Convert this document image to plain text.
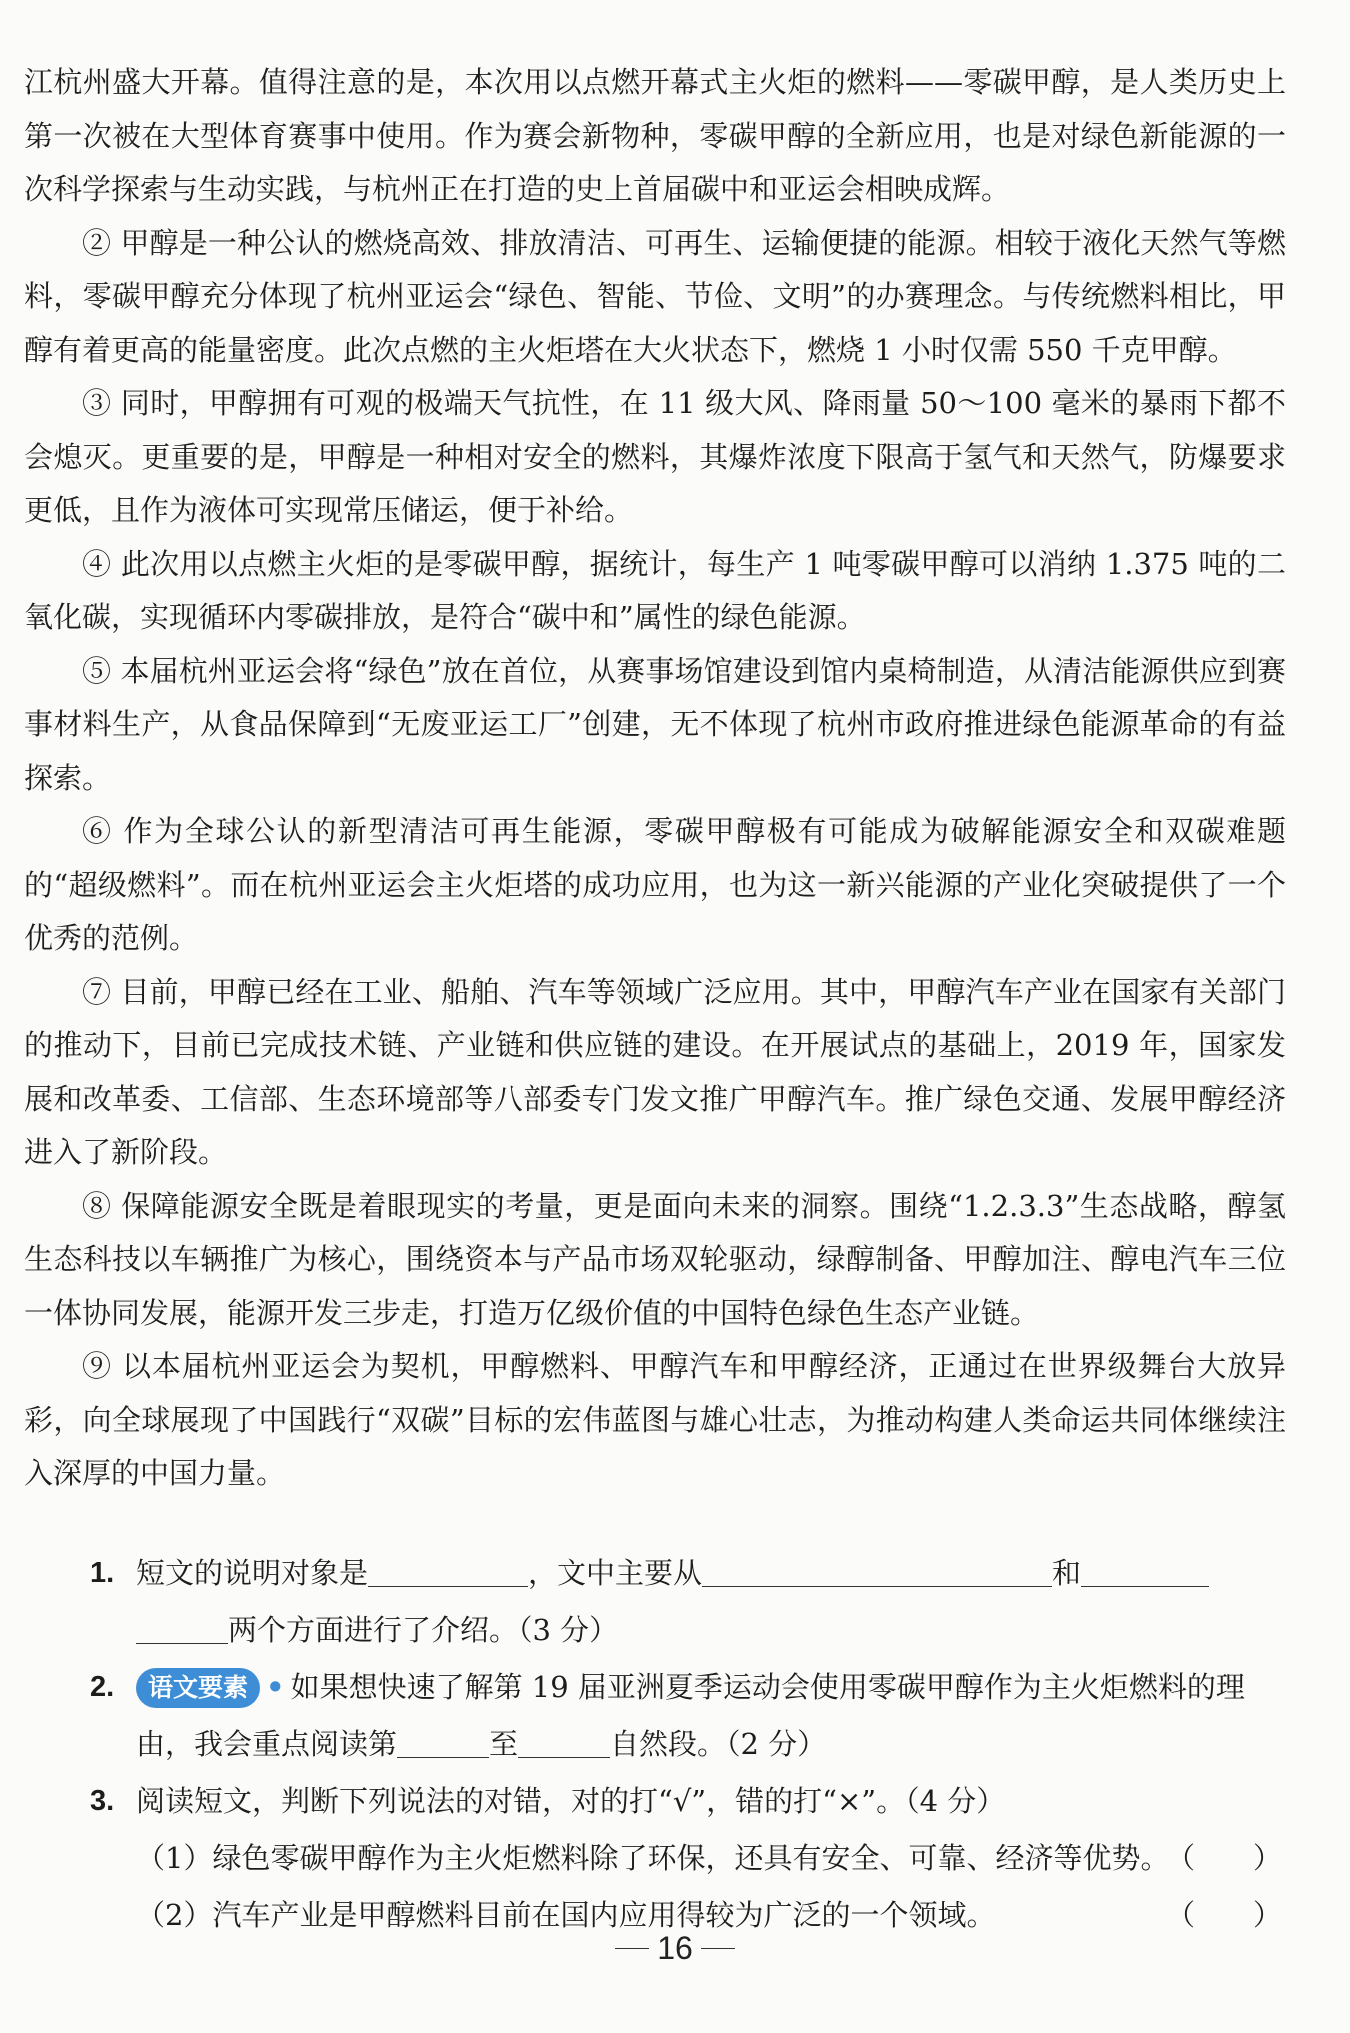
江杭州盛大开幕。值得注意的是，本次用以点燃开幕式主火炬的燃料——零碳甲醇，是人类历史上第一次被在大型体育赛事中使用。作为赛会新物种，零碳甲醇的全新应用，也是对绿色新能源的一次科学探索与生动实践，与杭州正在打造的史上首届碳中和亚运会相映成辉。

② 甲醇是一种公认的燃烧高效、排放清洁、可再生、运输便捷的能源。相较于液化天然气等燃料，零碳甲醇充分体现了杭州亚运会“绿色、智能、节俭、文明”的办赛理念。与传统燃料相比，甲醇有着更高的能量密度。此次点燃的主火炬塔在大火状态下，燃烧 1 小时仅需 550 千克甲醇。

③ 同时，甲醇拥有可观的极端天气抗性，在 11 级大风、降雨量 50～100 毫米的暴雨下都不会熄灭。更重要的是，甲醇是一种相对安全的燃料，其爆炸浓度下限高于氢气和天然气，防爆要求更低，且作为液体可实现常压储运，便于补给。

④ 此次用以点燃主火炬的是零碳甲醇，据统计，每生产 1 吨零碳甲醇可以消纳 1.375 吨的二氧化碳，实现循环内零碳排放，是符合“碳中和”属性的绿色能源。

⑤ 本届杭州亚运会将“绿色”放在首位，从赛事场馆建设到馆内桌椅制造，从清洁能源供应到赛事材料生产，从食品保障到“无废亚运工厂”创建，无不体现了杭州市政府推进绿色能源革命的有益探索。

⑥ 作为全球公认的新型清洁可再生能源，零碳甲醇极有可能成为破解能源安全和双碳难题的“超级燃料”。而在杭州亚运会主火炬塔的成功应用，也为这一新兴能源的产业化突破提供了一个优秀的范例。

⑦ 目前，甲醇已经在工业、船舶、汽车等领域广泛应用。其中，甲醇汽车产业在国家有关部门的推动下，目前已完成技术链、产业链和供应链的建设。在开展试点的基础上，2019 年，国家发展和改革委、工信部、生态环境部等八部委专门发文推广甲醇汽车。推广绿色交通、发展甲醇经济进入了新阶段。

⑧ 保障能源安全既是着眼现实的考量，更是面向未来的洞察。围绕“1.2.3.3”生态战略，醇氢生态科技以车辆推广为核心，围绕资本与产品市场双轮驱动，绿醇制备、甲醇加注、醇电汽车三位一体协同发展，能源开发三步走，打造万亿级价值的中国特色绿色生态产业链。

⑨ 以本届杭州亚运会为契机，甲醇燃料、甲醇汽车和甲醇经济，正通过在世界级舞台大放异彩，向全球展现了中国践行“双碳”目标的宏伟蓝图与雄心壮志，为推动构建人类命运共同体继续注入深厚的中国力量。

1. 短文的说明对象是	，文中主要从	和
两个方面进行了介绍。（3 分）

2. 语文要素 • 如果想快速了解第 19 届亚洲夏季运动会使用零碳甲醇作为主火炬燃料的理由，我会重点阅读第	至	自然段。（2 分）

3. 阅读短文，判断下列说法的对错，对的打“√”，错的打“×”。（4 分）

（1）绿色零碳甲醇作为主火炬燃料除了环保，还具有安全、可靠、经济等优势。
（　　）

（2）汽车产业是甲醇燃料目前在国内应用得较为广泛的一个领域。	（　　）

16
